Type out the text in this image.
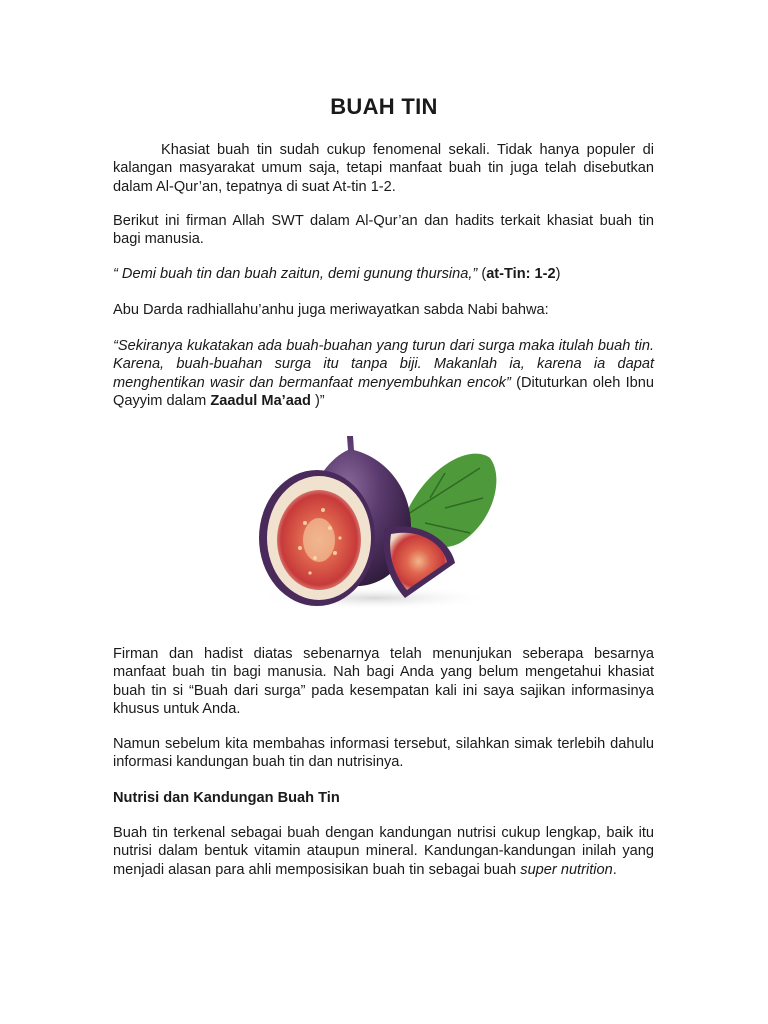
BUAH TIN

Khasiat buah tin sudah cukup fenomenal sekali. Tidak hanya populer di kalangan masyarakat umum saja, tetapi manfaat buah tin juga telah disebutkan dalam Al-Qur’an, tepatnya di suat At-tin 1-2.

Berikut ini firman Allah SWT dalam Al-Qur’an dan hadits terkait khasiat buah tin bagi manusia.

“ Demi buah tin dan buah zaitun, demi gunung thursina,” (at-Tin: 1-2)

Abu Darda radhiallahu’anhu juga meriwayatkan sabda Nabi bahwa:

“Sekiranya kukatakan ada buah-buahan yang turun dari surga maka itulah buah tin. Karena, buah-buahan surga itu tanpa biji. Makanlah ia, karena ia dapat menghentikan wasir dan bermanfaat menyembuhkan encok” (Dituturkan oleh Ibnu Qayyim dalam Zaadul Ma’aad )”

Firman dan hadist diatas sebenarnya telah menunjukan seberapa besarnya manfaat buah tin bagi manusia. Nah bagi Anda yang belum mengetahui khasiat buah tin si “Buah dari surga” pada kesempatan kali ini saya sajikan informasinya khusus untuk Anda.

Namun sebelum kita membahas informasi tersebut, silahkan simak terlebih dahulu informasi kandungan buah tin dan nutrisinya.

Nutrisi dan Kandungan Buah Tin

Buah tin terkenal sebagai buah dengan kandungan nutrisi cukup lengkap, baik itu nutrisi dalam bentuk vitamin ataupun mineral. Kandungan-kandungan inilah yang menjadi alasan para ahli memposisikan buah tin sebagai buah super nutrition.
